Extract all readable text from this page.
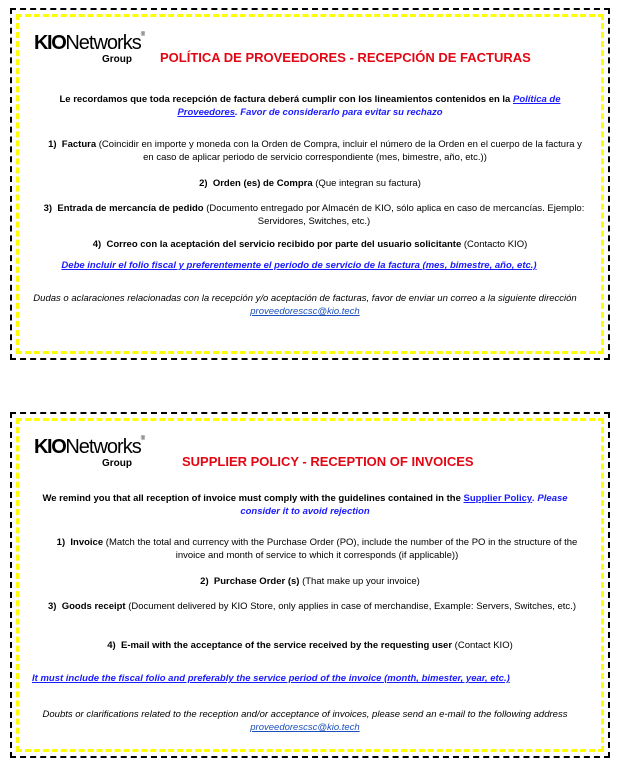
KIONetworks®
Group POLÍTICA DE PROVEEDORES - RECEPCIÓN DE FACTURAS
Le recordamos que toda recepción de factura deberá cumplir con los lineamientos contenidos en la Política de Proveedores. Favor de considerarlo para evitar su rechazo
1) Factura (Coincidir en importe y moneda con la Orden de Compra, incluir el número de la Orden en el cuerpo de la factura y en caso de aplicar periodo de servicio correspondiente (mes, bimestre, año, etc.))
2) Orden (es) de Compra (Que integran su factura)
3) Entrada de mercancía de pedido (Documento entregado por Almacén de KIO, sólo aplica en caso de mercancías. Ejemplo: Servidores, Switches, etc.)
4) Correo con la aceptación del servicio recibido por parte del usuario solicitante (Contacto KIO)
Debe incluir el folio fiscal y preferentemente el periodo de servicio de la factura (mes, bimestre, año, etc.)
Dudas o aclaraciones relacionadas con la recepción y/o aceptación de facturas, favor de enviar un correo a la siguiente dirección proveedorescsc@kio.tech
KIONetworks®
Group	SUPPLIER POLICY - RECEPTION OF INVOICES
We remind you that all reception of invoice must comply with the guidelines contained in the Supplier Policy. Please consider it to avoid rejection
1) Invoice (Match the total and currency with the Purchase Order (PO), include the number of the PO in the structure of the invoice and month of service to which it corresponds (if applicable))
2) Purchase Order (s) (That make up your invoice)
3) Goods receipt (Document delivered by KIO Store, only applies in case of merchandise, Example: Servers, Switches, etc.)
4) E-mail with the acceptance of the service received by the requesting user (Contact KIO)
It must include the fiscal folio and preferably the service period of the invoice (month, bimester, year, etc.)
Doubts or clarifications related to the reception and/or acceptance of invoices, please send an e-mail to the following address proveedorescsc@kio.tech
